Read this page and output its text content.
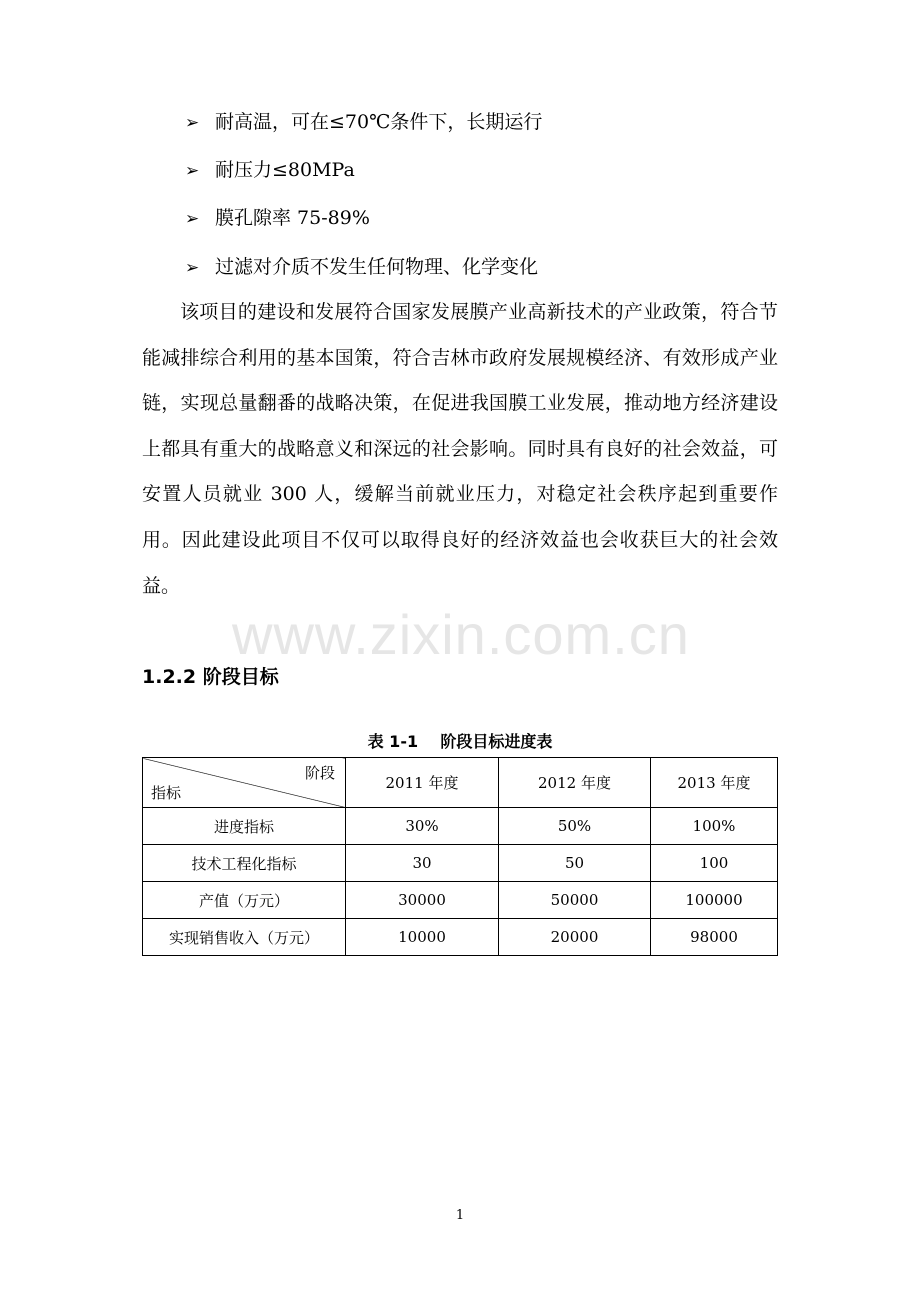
➢ 耐高温，可在≤70℃条件下，长期运行
➢ 耐压力≤80MPa
➢ 膜孔隙率 75-89%
➢ 过滤对介质不发生任何物理、化学变化

该项目的建设和发展符合国家发展膜产业高新技术的产业政策，符合节能减排综合利用的基本国策，符合吉林市政府发展规模经济、有效形成产业链，实现总量翻番的战略决策，在促进我国膜工业发展，推动地方经济建设上都具有重大的战略意义和深远的社会影响。同时具有良好的社会效益，可安置人员就业 300 人，缓解当前就业压力，对稳定社会秩序起到重要作用。因此建设此项目不仅可以取得良好的经济效益也会收获巨大的社会效益。

www.zixin.com.cn
1.2.2 阶段目标
表 1-1    阶段目标进度表
阶段
指标	2011 年度	2012 年度	2013 年度
进度指标	30%	50%	100%
技术工程化指标	30	50	100
产值（万元）	30000	50000	100000
实现销售收入（万元）	10000	20000	98000
1
